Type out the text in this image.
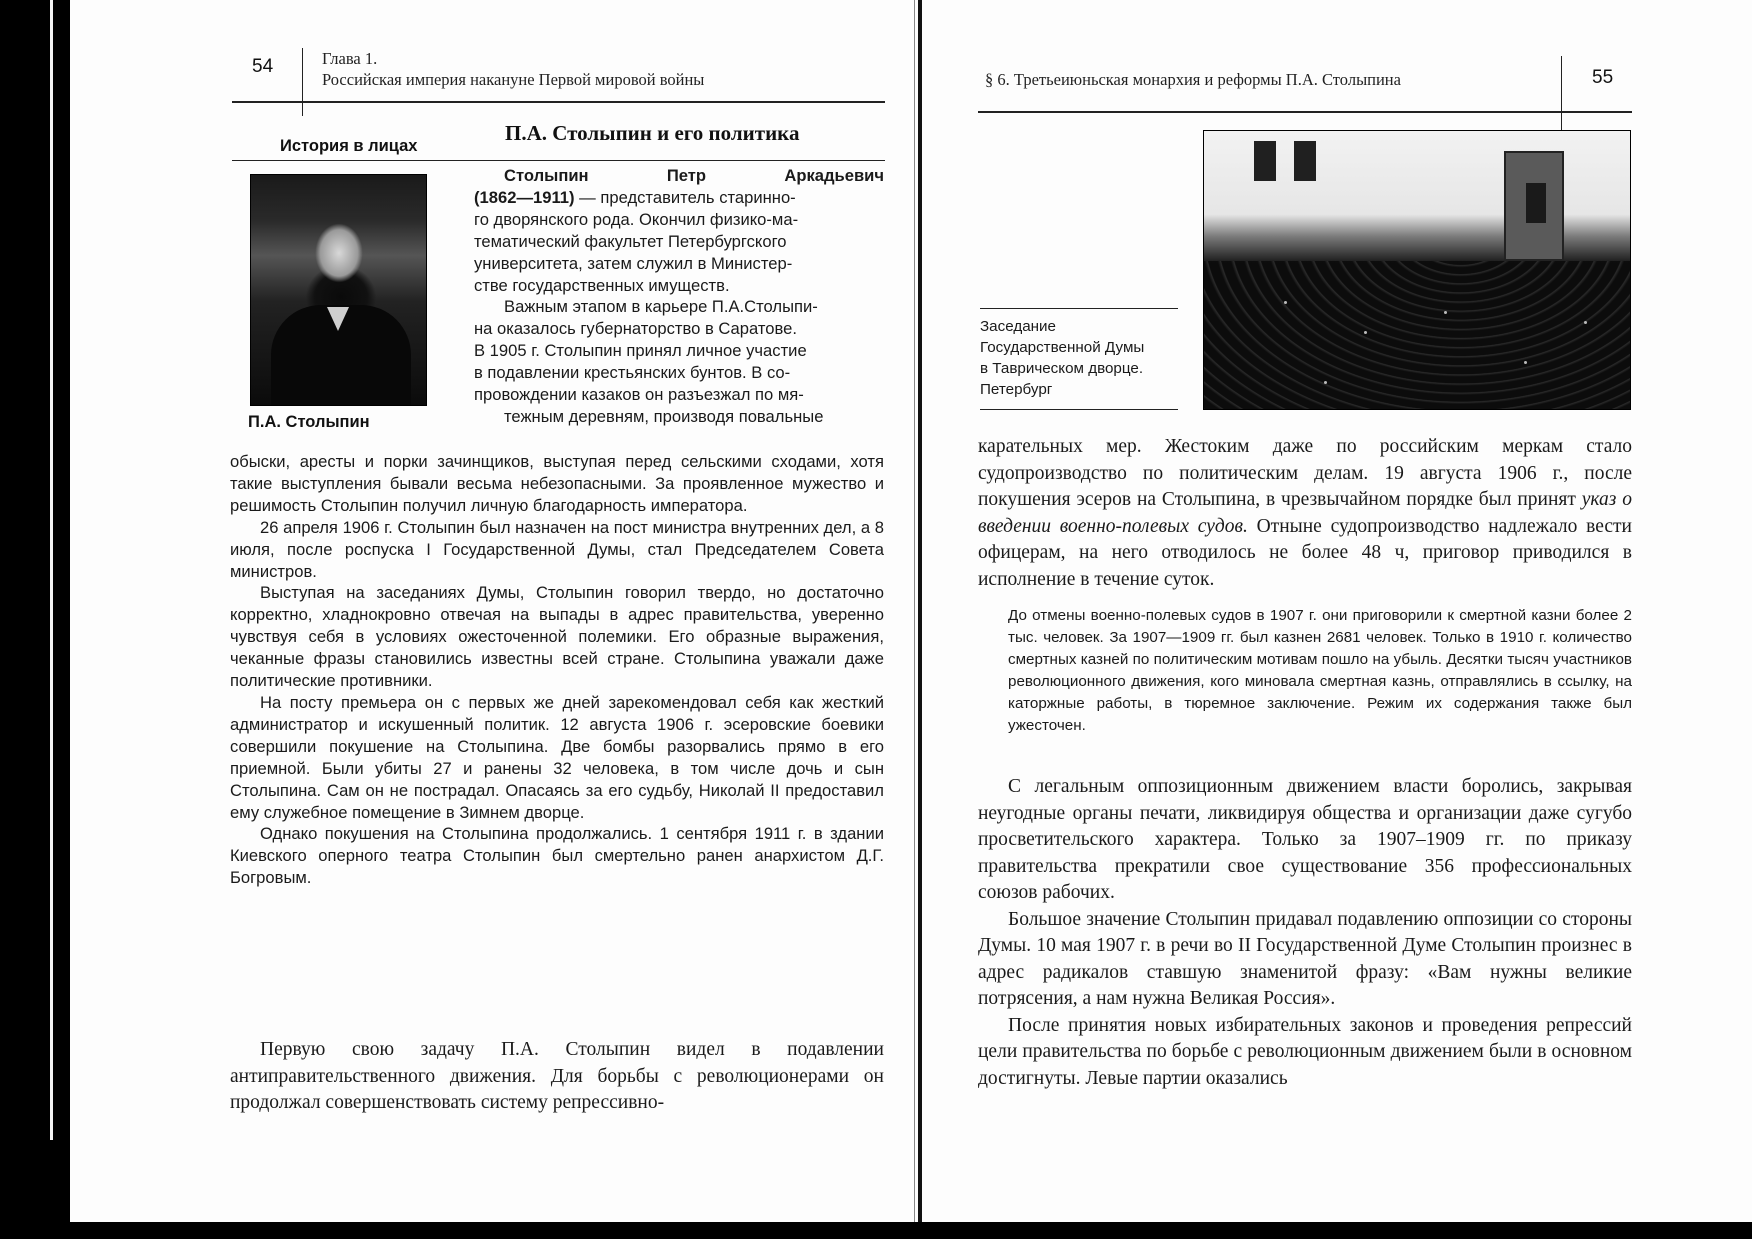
54	Глава 1.
Российская империя накануне Первой мировой войны
История в лицах
П.А. Столыпин и его политика
П.А. Столыпин
Столыпин	Петр	Аркадьевич
(1862—1911) — представитель старинно-
го дворянского рода. Окончил физико-ма-
тематический факультет Петербургского
университета, затем служил в Министер-
стве государственных имуществ.
Важным этапом в карьере П.А.Столыпи-
на оказалось губернаторство в Саратове.
В 1905 г. Столыпин принял личное участие
в подавлении крестьянских бунтов. В со-
провождении казаков он разъезжал по мя-
тежным деревням, производя повальные

обыски, аресты и порки зачинщиков, выступая перед сельскими сходами, хотя такие выступления бывали весьма небезопасными. За проявленное мужество и решимость Столыпин получил личную благодарность императора.

26 апреля 1906 г. Столыпин был назначен на пост министра внутренних дел, а 8 июля, после роспуска I Государственной Думы, стал Председателем Совета министров.

Выступая на заседаниях Думы, Столыпин говорил твердо, но достаточно корректно, хладнокровно отвечая на выпады в адрес правительства, уверенно чувствуя себя в условиях ожесточенной полемики. Его образные выражения, чеканные фразы становились известны всей стране. Столыпина уважали даже политические противники.

На посту премьера он с первых же дней зарекомендовал себя как жесткий администратор и искушенный политик. 12 августа 1906 г. эсеровские боевики совершили покушение на Столыпина. Две бомбы разорвались прямо в его приемной. Были убиты 27 и ранены 32 человека, в том числе дочь и сын Столыпина. Сам он не пострадал. Опасаясь за его судьбу, Николай II предоставил ему служебное помещение в Зимнем дворце.

Однако покушения на Столыпина продолжались. 1 сентября 1911 г. в здании Киевского оперного театра Столыпин был смертельно ранен анархистом Д.Г. Богровым.

Первую свою задачу П.А. Столыпин видел в подавлении антиправительственного движения. Для борьбы с революционерами он продолжал совершенствовать систему репрессивно-

§ 6. Третьеиюньская монархия и реформы П.А. Столыпина	55
Заседание
Государственной Думы
в Таврическом дворце.
Петербург

карательных мер. Жестоким даже по российским меркам стало судопроизводство по политическим делам. 19 августа 1906 г., после покушения эсеров на Столыпина, в чрезвычайном порядке был принят указ о введении военно-полевых судов. Отныне судопроизводство надлежало вести офицерам, на него отводилось не более 48 ч, приговор приводился в исполнение в течение суток.

До отмены военно-полевых судов в 1907 г. они приговорили к смертной казни более 2 тыс. человек. За 1907—1909 гг. был казнен 2681 человек. Только в 1910 г. количество смертных казней по политическим мотивам пошло на убыль. Десятки тысяч участников революционного движения, кого миновала смертная казнь, отправлялись в ссылку, на каторжные работы, в тюремное заключение. Режим их содержания также был ужесточен.

С легальным оппозиционным движением власти боролись, закрывая неугодные органы печати, ликвидируя общества и организации даже сугубо просветительского характера. Только за 1907–1909 гг. по приказу правительства прекратили свое существование 356 профессиональных союзов рабочих.

Большое значение Столыпин придавал подавлению оппозиции со стороны Думы. 10 мая 1907 г. в речи во II Государственной Думе Столыпин произнес в адрес радикалов ставшую знаменитой фразу: «Вам нужны великие потрясения, а нам нужна Великая Россия».

После принятия новых избирательных законов и проведения репрессий цели правительства по борьбе с революционным движением были в основном достигнуты. Левые партии оказались
